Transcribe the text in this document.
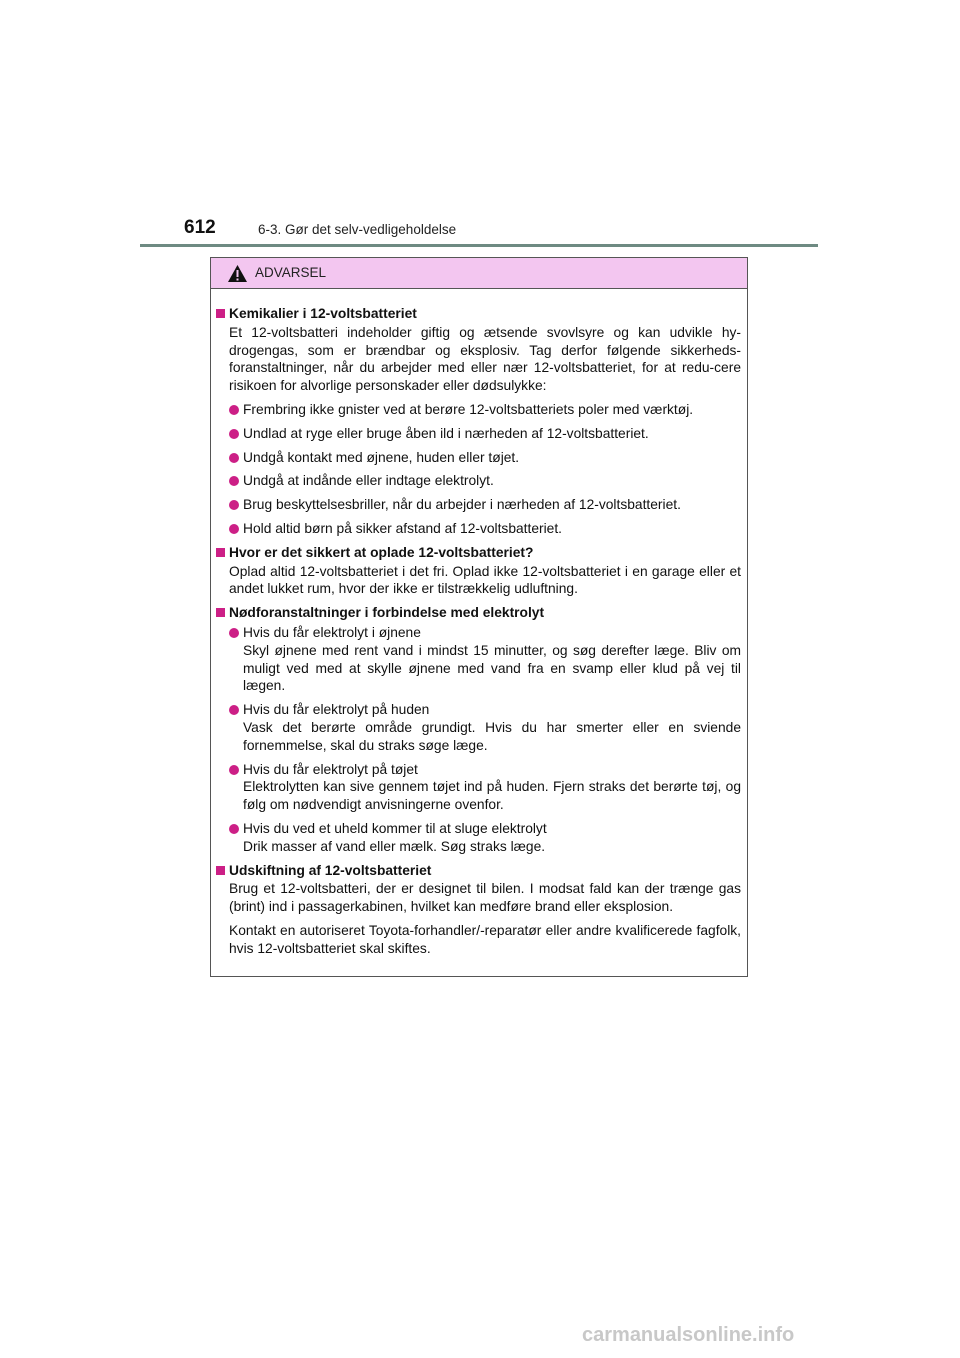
612	6-3. Gør det selv-vedligeholdelse
ADVARSEL
Kemikalier i 12-voltsbatteriet
Et 12-voltsbatteri indeholder giftig og ætsende svovlsyre og kan udvikle hy-drogengas, som er brændbar og eksplosiv. Tag derfor følgende sikkerheds-foranstaltninger, når du arbejder med eller nær 12-voltsbatteriet, for at redu-cere risikoen for alvorlige personskader eller dødsulykke:
Frembring ikke gnister ved at berøre 12-voltsbatteriets poler med værktøj.
Undlad at ryge eller bruge åben ild i nærheden af 12-voltsbatteriet.
Undgå kontakt med øjnene, huden eller tøjet.
Undgå at indånde eller indtage elektrolyt.
Brug beskyttelsesbriller, når du arbejder i nærheden af 12-voltsbatteriet.
Hold altid børn på sikker afstand af 12-voltsbatteriet.
Hvor er det sikkert at oplade 12-voltsbatteriet?
Oplad altid 12-voltsbatteriet i det fri. Oplad ikke 12-voltsbatteriet i en garage eller et andet lukket rum, hvor der ikke er tilstrækkelig udluftning.
Nødforanstaltninger i forbindelse med elektrolyt
Hvis du får elektrolyt i øjnene
Skyl øjnene med rent vand i mindst 15 minutter, og søg derefter læge. Bliv om muligt ved med at skylle øjnene med vand fra en svamp eller klud på vej til lægen.
Hvis du får elektrolyt på huden
Vask det berørte område grundigt. Hvis du har smerter eller en sviende fornemmelse, skal du straks søge læge.
Hvis du får elektrolyt på tøjet
Elektrolytten kan sive gennem tøjet ind på huden. Fjern straks det berørte tøj, og følg om nødvendigt anvisningerne ovenfor.
Hvis du ved et uheld kommer til at sluge elektrolyt
Drik masser af vand eller mælk. Søg straks læge.
Udskiftning af 12-voltsbatteriet
Brug et 12-voltsbatteri, der er designet til bilen. I modsat fald kan der trænge gas (brint) ind i passagerkabinen, hvilket kan medføre brand eller eksplosion.
Kontakt en autoriseret Toyota-forhandler/-reparatør eller andre kvalificerede fagfolk, hvis 12-voltsbatteriet skal skiftes.
carmanualsonline.info
